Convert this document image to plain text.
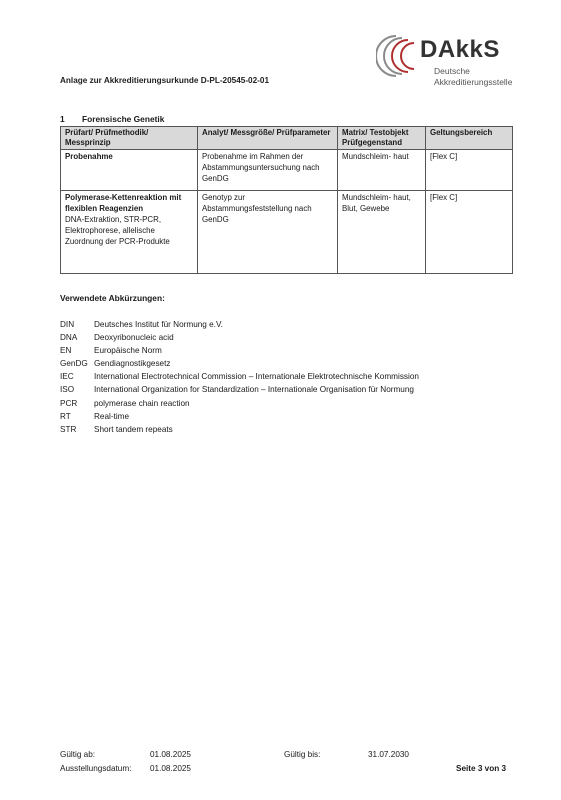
DAkkS
Deutsche
Akkreditierungsstelle
Anlage zur Akkreditierungsurkunde D-PL-20545-02-01
1 Forensische Genetik
Prüfart/ Prüfmethodik/ Messprinzip	Analyt/ Messgröße/ Prüfparameter	Matrix/ Testobjekt Prüfgegenstand	Geltungsbereich

Probenahme	Probenahme im Rahmen der Abstammungsuntersuchung nach GenDG	Mundschleim- haut	[Flex C]

Polymerase-Kettenreaktion mit flexiblen Reagenzien
DNA-Extraktion, STR-PCR, Elektrophorese, allelische Zuordnung der PCR-Produkte	Genotyp zur Abstammungsfeststellung nach GenDG	Mundschleim- haut, Blut, Gewebe	[Flex C]
Verwendete Abkürzungen:
DIN	Deutsches Institut für Normung e.V.
DNA	Deoxyribonucleic acid
EN	Europäische Norm
GenDG Gendiagnostikgesetz
IEC	International Electrotechnical Commission – Internationale Elektrotechnische Kommission
ISO	International Organization for Standardization – Internationale Organisation für Normung
PCR	polymerase chain reaction
RT	Real-time
STR	Short tandem repeats
Gültig ab:	01.08.2025	Gültig bis:	31.07.2030
Ausstellungsdatum: 01.08.2025	Seite 3 von 3
